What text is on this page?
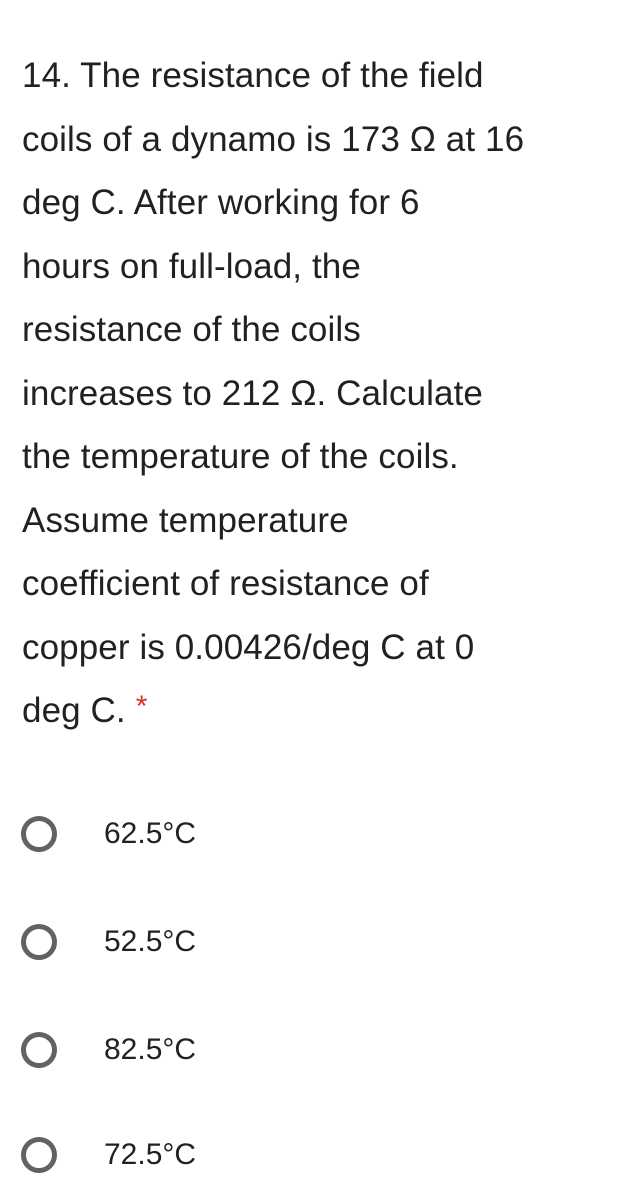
14. The resistance of the field
coils of a dynamo is 173 Ω at 16
deg C. After working for 6
hours on full-load, the
resistance of the coils
increases to 212 Ω. Calculate
the temperature of the coils.
Assume temperature
coefficient of resistance of
copper is 0.00426/deg C at 0
deg C. *
62.5°C
52.5°C
82.5°C
72.5°C
